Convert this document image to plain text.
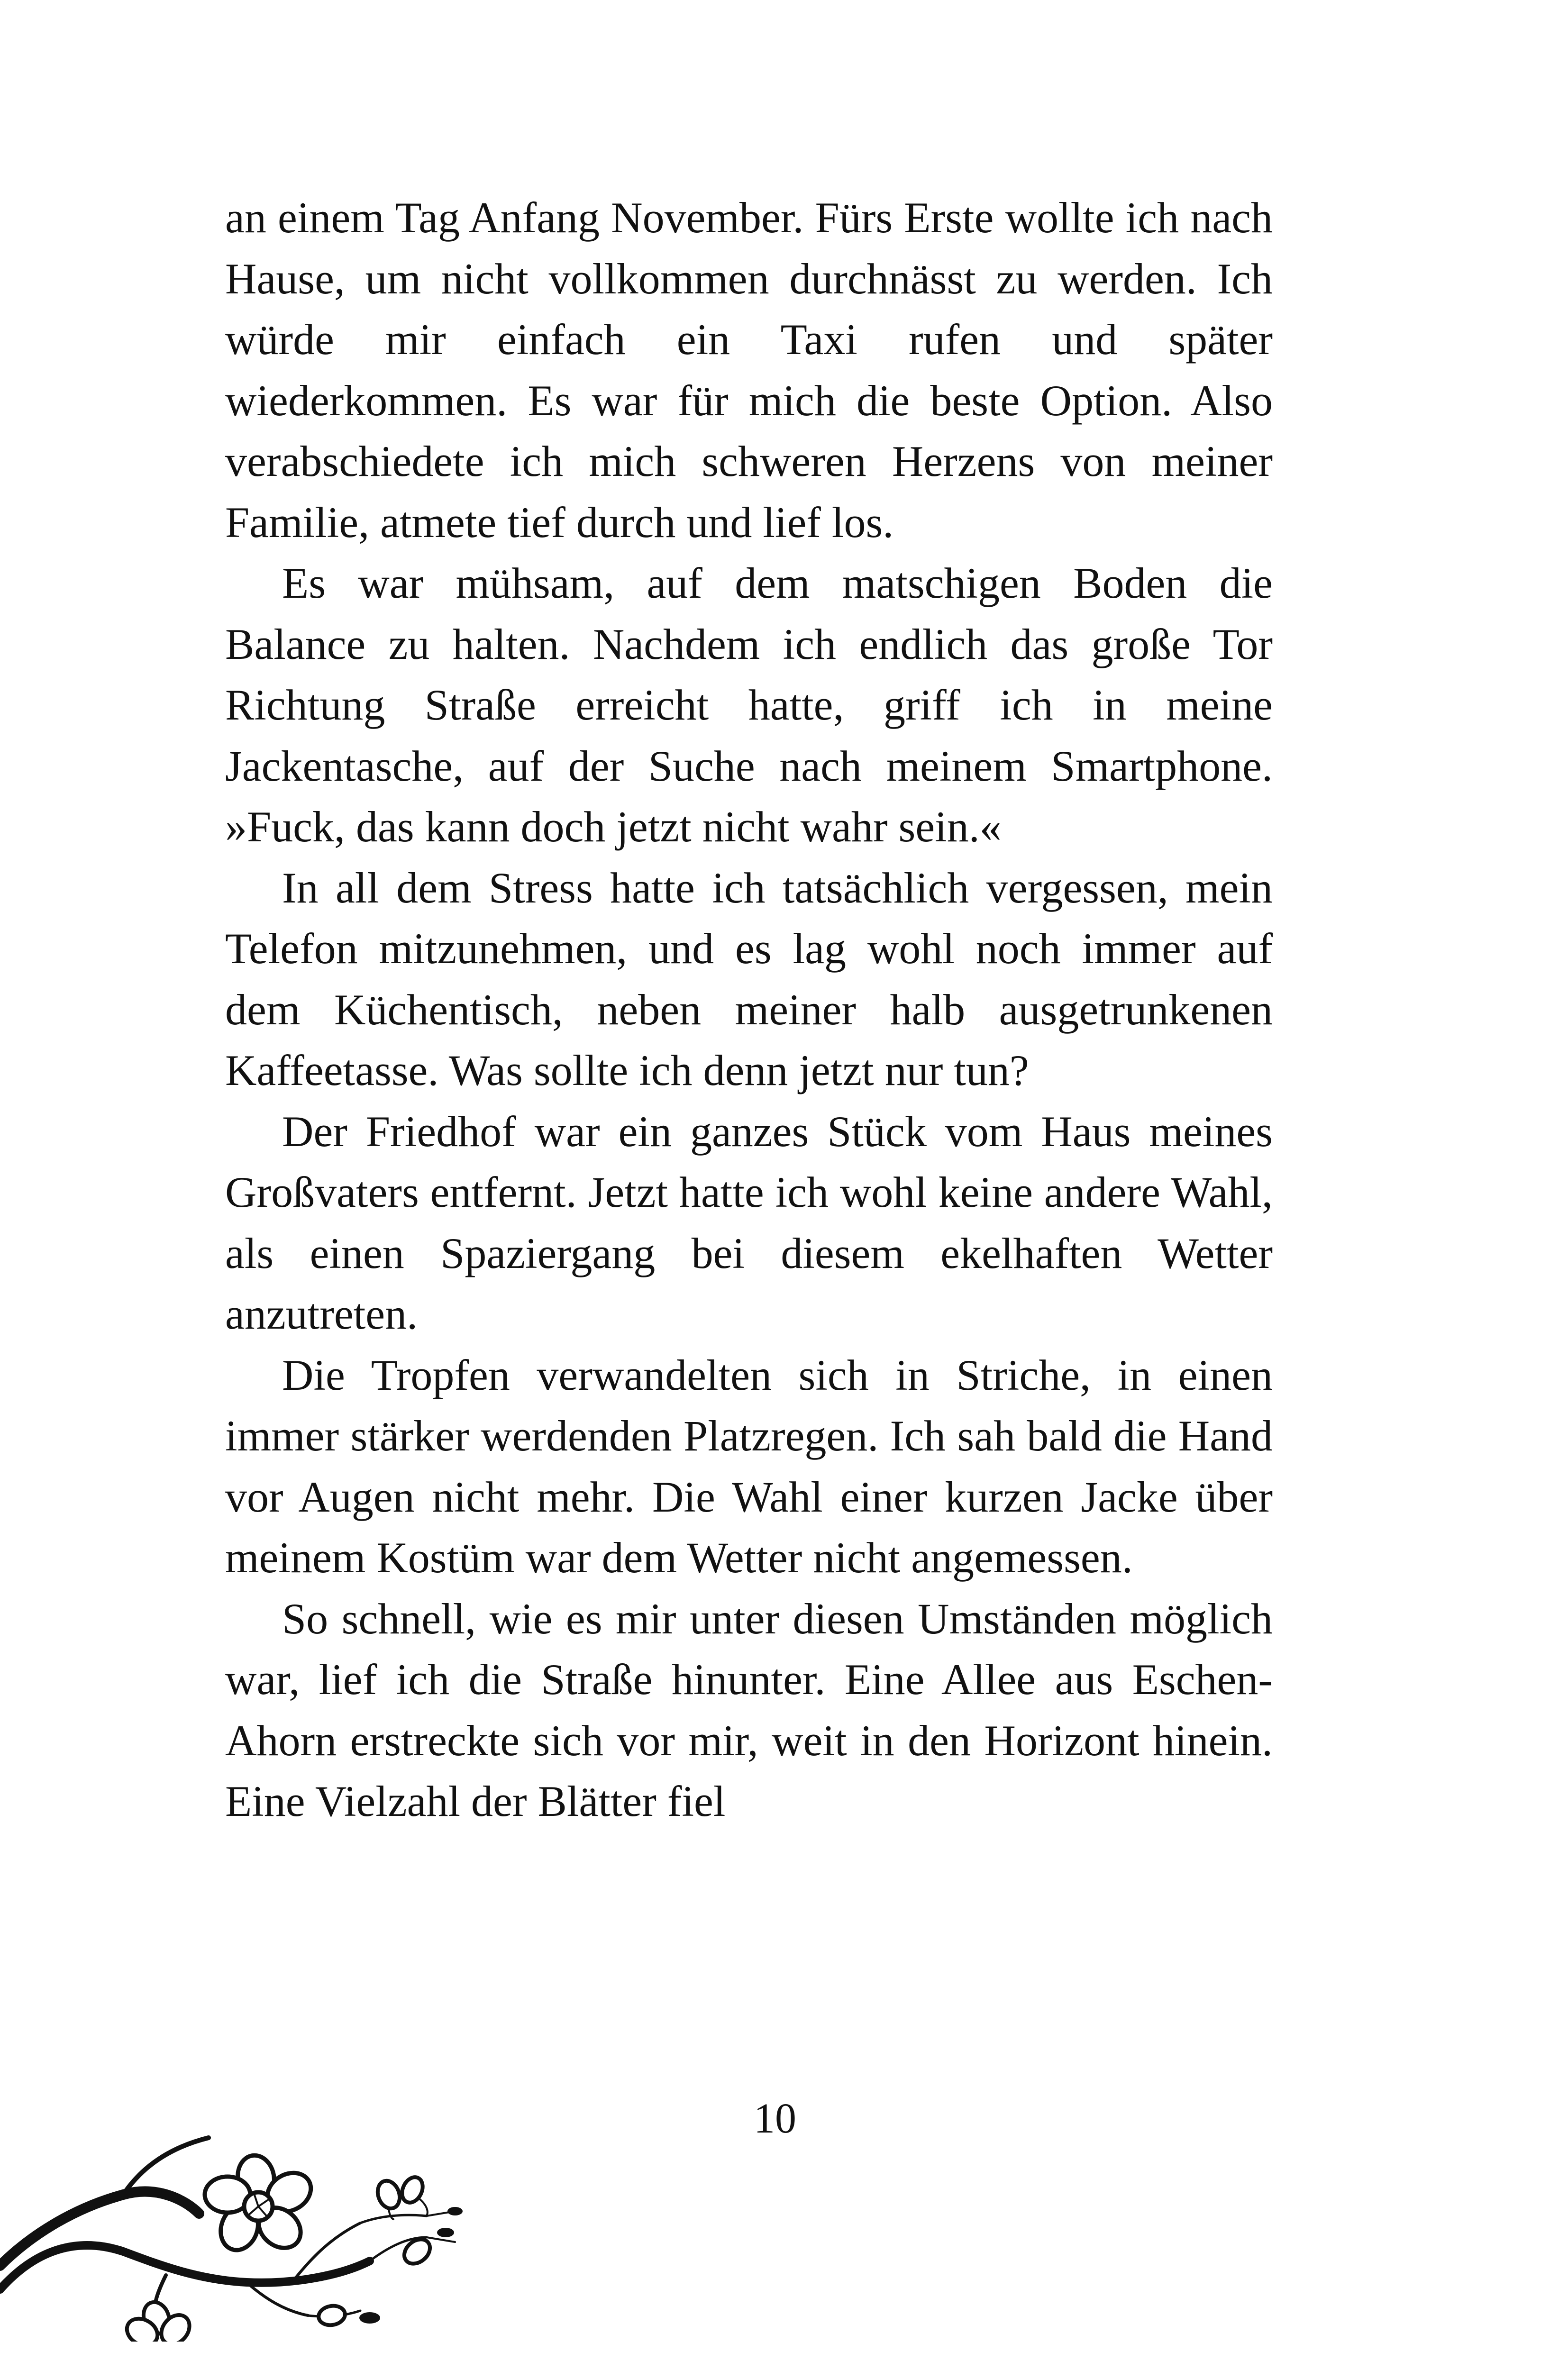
an einem Tag Anfang November. Fürs Erste wollte ich nach Hause, um nicht vollkommen durchnässt zu werden. Ich würde mir einfach ein Taxi rufen und später wiederkommen. Es war für mich die beste Option. Also verabschiedete ich mich schweren Herzens von meiner Familie, atmete tief durch und lief los.

Es war mühsam, auf dem matschigen Boden die Balance zu halten. Nachdem ich endlich das große Tor Richtung Straße erreicht hatte, griff ich in meine Jackentasche, auf der Suche nach meinem Smartphone. »Fuck, das kann doch jetzt nicht wahr sein.«

In all dem Stress hatte ich tatsächlich vergessen, mein Telefon mitzunehmen, und es lag wohl noch immer auf dem Küchentisch, neben meiner halb ausgetrunkenen Kaffeetasse. Was sollte ich denn jetzt nur tun?

Der Friedhof war ein ganzes Stück vom Haus meines Großvaters entfernt. Jetzt hatte ich wohl keine andere Wahl, als einen Spaziergang bei diesem ekelhaften Wetter anzutreten.

Die Tropfen verwandelten sich in Striche, in einen immer stärker werdenden Platzregen. Ich sah bald die Hand vor Augen nicht mehr. Die Wahl einer kurzen Jacke über meinem Kostüm war dem Wetter nicht angemessen.

So schnell, wie es mir unter diesen Umständen möglich war, lief ich die Straße hinunter. Eine Allee aus Eschen-Ahorn erstreckte sich vor mir, weit in den Horizont hinein. Eine Vielzahl der Blätter fiel

10
